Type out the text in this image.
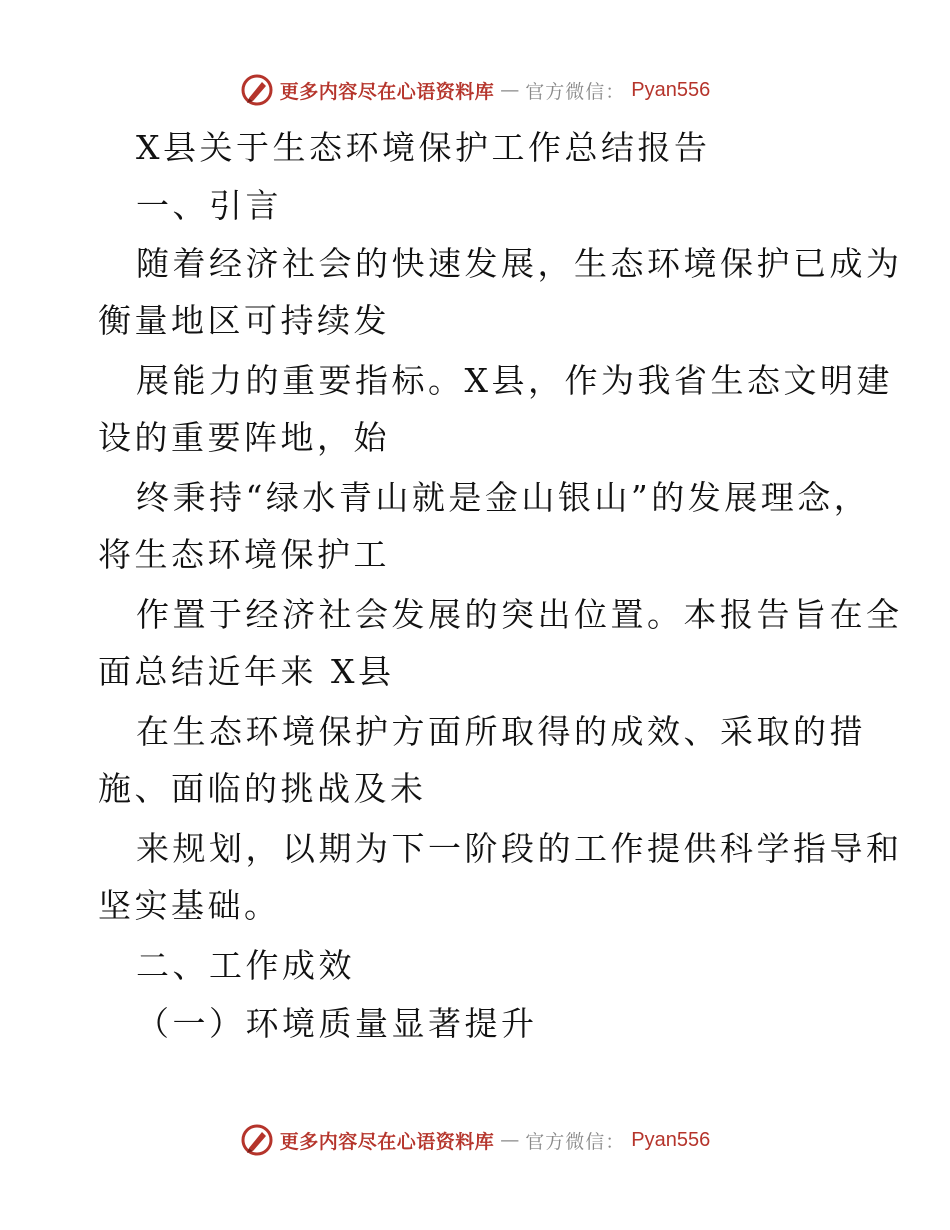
更多内容尽在心语资料库 — 官方微信： Pyan556
X县关于生态环境保护工作总结报告
一、引言
随着经济社会的快速发展，生态环境保护已成为
衡量地区可持续发
展能力的重要指标。X县，作为我省生态文明建
设的重要阵地，始
终秉持“绿水青山就是金山银山”的发展理念，
将生态环境保护工
作置于经济社会发展的突出位置。本报告旨在全
面总结近年来 X县
在生态环境保护方面所取得的成效、采取的措
施、面临的挑战及未
来规划，以期为下一阶段的工作提供科学指导和
坚实基础。
二、工作成效
（一）环境质量显著提升
更多内容尽在心语资料库 — 官方微信： Pyan556
